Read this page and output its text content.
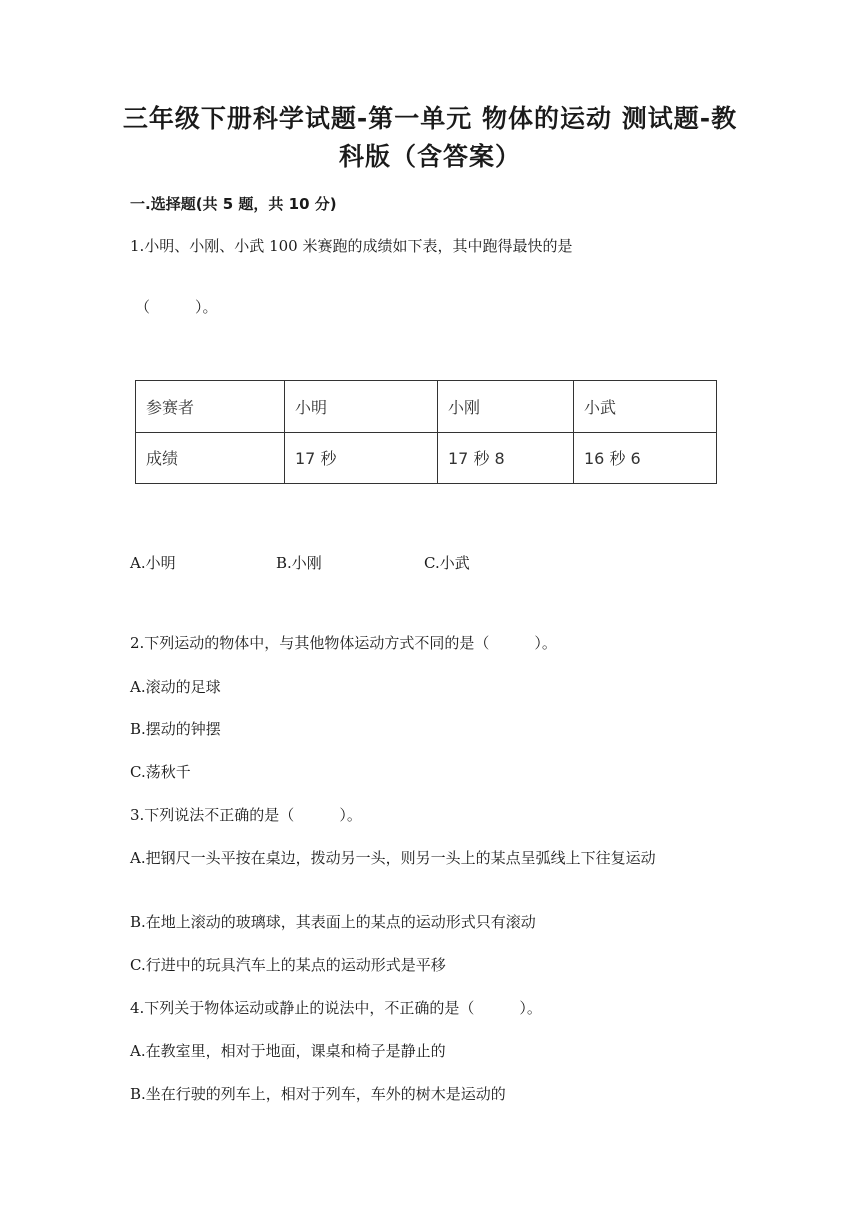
三年级下册科学试题-第一单元 物体的运动 测试题-教科版（含答案）
一.选择题(共 5 题，共 10 分)
1.小明、小刚、小武 100 米赛跑的成绩如下表，其中跑得最快的是
（　　　）。
参赛者	小明	小刚	小武
成绩	17 秒	17 秒 8	16 秒 6
A.小明	B.小刚	C.小武
2.下列运动的物体中，与其他物体运动方式不同的是（　　　）。
A.滚动的足球
B.摆动的钟摆
C.荡秋千
3.下列说法不正确的是（　　　）。
A.把钢尺一头平按在桌边，拨动另一头，则另一头上的某点呈弧线上下往复运动
B.在地上滚动的玻璃球，其表面上的某点的运动形式只有滚动
C.行进中的玩具汽车上的某点的运动形式是平移
4.下列关于物体运动或静止的说法中，不正确的是（　　　）。
A.在教室里，相对于地面，课桌和椅子是静止的
B.坐在行驶的列车上，相对于列车，车外的树木是运动的
